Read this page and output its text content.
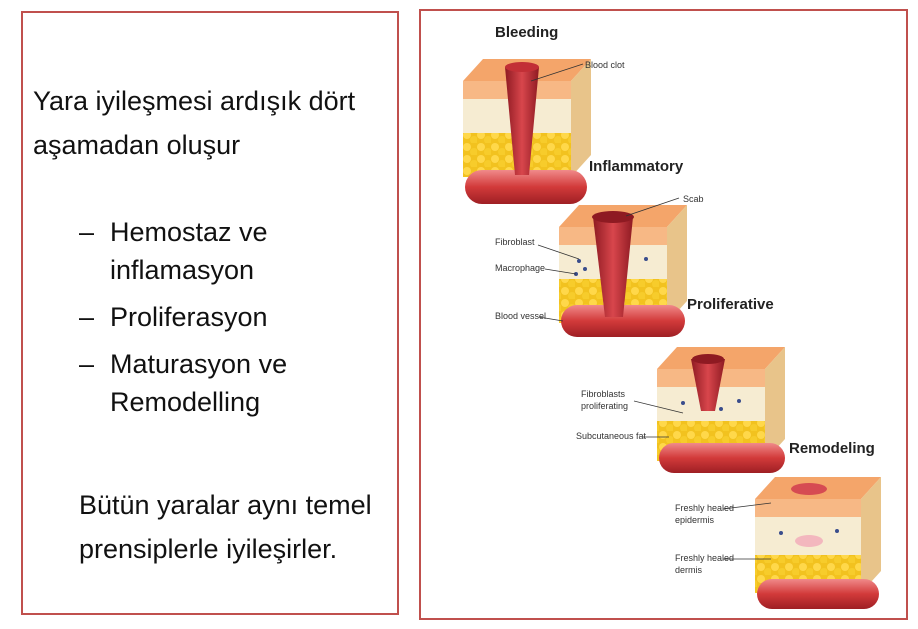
Yara iyileşmesi ardışık dört aşamadan oluşur
– Hemostaz ve inflamasyon
– Proliferasyon
– Maturasyon ve Remodelling
Bütün yaralar aynı temel prensiplerle iyileşirler.
Bleeding
Blood clot
Inflammatory
Scab
Fibroblast
Macrophage
Blood vessel
Proliferative
Fibroblasts
proliferating
Subcutaneous fat
Remodeling
Freshly healed
epidermis
Freshly healed
dermis
